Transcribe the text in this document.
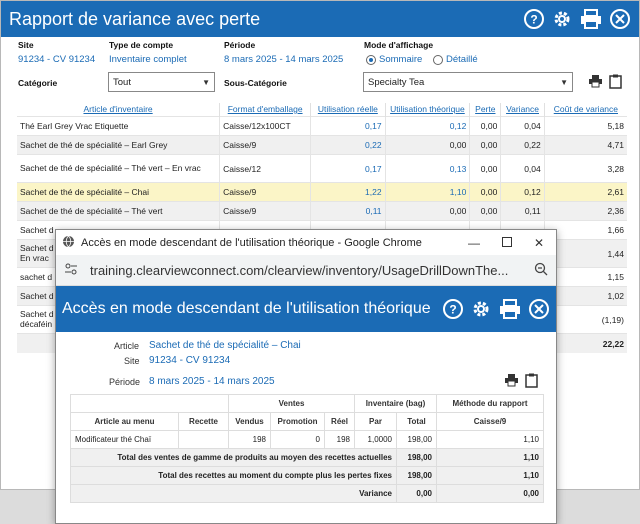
Rapport de variance avec perte	?
Site
91234 - CV 91234
Type de compte
Inventaire complet
Période
8 mars 2025 - 14 mars 2025
Mode d'affichage
Sommaire Détaillé
Catégorie	Tout	▼ Sous-Catégorie	Specialty Tea	▼
Article d'inventaire	Format d'emballage	Utilisation réelle	Utilisation théorique	Perte	Variance	Coût de variance
Thé Earl Grey Vrac Etiquette	Caisse/12x100CT	0,17	0,12	0,00	0,04	5,18
Sachet de thé de spécialité – Earl Grey	Caisse/9	0,22	0,00	0,00	0,22	4,71
Sachet de thé de spécialité – Thé vert – En vrac	Caisse/12	0,17	0,13	0,00	0,04	3,28
Sachet de thé de spécialité – Chai	Caisse/9	1,22	1,10	0,00	0,12	2,61
Sachet de thé de spécialité – Thé vert	Caisse/9	0,11	0,00	0,00	0,11	2,36
Sachet d						1,66
Sachet d
En vrac						1,44
sachet d						1,15
Sachet d						1,02
Sachet d
décaféin						(1,19)
						22,22
Accès en mode descendant de l'utilisation théorique - Google Chrome	—	✕
training.clearviewconnect.com/clearview/inventory/UsageDrillDownThe...
Accès en mode descendant de l'utilisation théorique	?
Article Sachet de thé de spécialité – Chai
Site 91234 - CV 91234
Période 8 mars 2025 - 14 mars 2025
		Ventes			Inventaire (bag)		Méthode du rapport
Article au menu	Recette	Vendus	Promotion	Réel	Par	Total	Caisse/9
Modificateur thé Chaï		198	0	198	1,0000	198,00	1,10
Total des ventes de gamme de produits au moyen des recettes actuelles						198,00	1,10
Total des recettes au moment du compte plus les pertes fixes						198,00	1,10
Variance						0,00	0,00
